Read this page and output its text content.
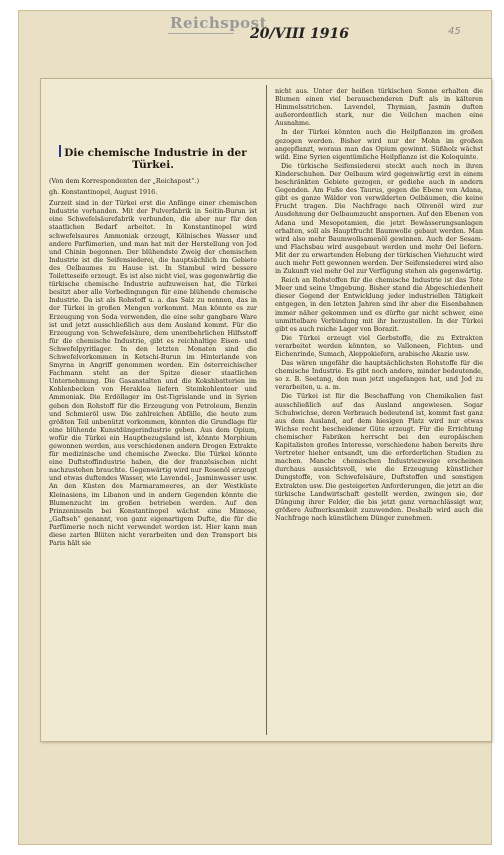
Reichspost
20/VIII 1916	45
Die chemische Industrie in der Türkei.
(Von dem Korrespondenten der „Reichspost“.)
gh. Konstantinopel, August 1916.

Zurzeit sind in der Türkei erst die Anfänge einer chemischen Industrie vorhanden. Mit der Pulverfabrik in Seitin-Burun ist eine Schwefelsäurefabrik verbunden, die aber nur für den staatlichen Bedarf arbeitet. In Konstantinopel wird schwefelsaures Ammoniak erzeugt, Kölnisches Wasser und andere Parfümerien, und man hat mit der Herstellung von Jod und Chinin begonnen. Der blühendste Zweig der chemischen Industrie ist die Seifensiederei, die hauptsächlich im Gebiete des Oelbaumes zu Hause ist. In Stambul wird bessere Toiletteseife erzeugt. Es ist also nicht viel, was gegenwärtig die türkische chemische Industrie aufzuweisen hat, die Türkei besitzt aber alle Vorbedingungen für eine blühende chemische Industrie. Da ist als Rohstoff u. a. das Salz zu nennen, das in der Türkei in großen Mengen vorkommt. Man könnte es zur Erzeugung von Soda verwenden, die eine sehr gangbare Ware ist und jetzt ausschließlich aus dem Ausland kommt. Für die Erzeugung von Schwefelsäure, dem unentbehrlichen Hilfsstoff für die chemische Industrie, gibt es reichhaltige Eisen- und Schwefelpyritlager. In den letzten Monaten sind die Schwefelvorkommen in Ketschi-Burun im Hinterlande von Smyrna in Angriff genommen worden. Ein österreichischer Fachmann steht an der Spitze dieser staatlichen Unternehmung. Die Gasanstalten und die Kokshbatterien im Kohlenbecken von Heraklea liefern Steinkohlenteer und Ammoniak. Die Erdöllager im Ost-Tigrislande und in Syrien geben den Rohstoff für die Erzeugung von Petroleum, Benzin und Schmieröl usw. Die zahlreichen Abfälle, die heute zum größten Teil unbenützt vorkommen, könnten die Grundlage für eine blühende Kunstdüngerindustrie geben. Aus dem Opium, wofür die Türkei ein Hauptbezugsland ist, könnte Morphium gewonnen werden, aus verschiedenen andern Drogen Extrakte für medizinische und chemische Zwecke. Die Türkei könnte eine Duftstoffindustrie haben, die der französischen nicht nachzustehen brauchte. Gegenwärtig wird nur Rosenöl erzeugt und etwas duftendes Wasser, wie Lavendel-, Jasminwasser usw. An den Küsten des Marmarameeres, an der Westküste Kleinasiens, im Libanon und in andern Gegenden könnte die Blumenzucht im großen betrieben werden. Auf den Prinzeninseln bei Konstantinopel wächst eine Mimose, „Gaftseh“ genannt, von ganz eigenartigem Dufte, die für die Parfümerie noch nicht verwendet worden ist. Hier kann man diese zarten Blüten nicht verarbeiten und den Transport bis Paris hält sie

nicht aus. Unter der heißen türkischen Sonne erhalten die Blumen einen viel berauschenderen Duft als in kälteren Himmelsstrichen. Lavendel, Thymian, Jasmin duften außerordentlich stark, nur die Veilchen machen eine Ausnahme.

In der Türkei könnten auch die Heilpflanzen im großen gezogen werden. Bisher wird nur der Mohn im großen angepflanzt, woraus man das Opium gewinnt. Süßholz wächst wild. Eine Syrien eigentümliche Heilpflanze ist die Koloquinte.

Die türkische Seifensiederei steckt auch noch in ihren Kinderschuhen. Der Oelbaum wird gegenwärtig erst in einem beschränkten Gebiete gezogen, er gediehe auch in andern Gegenden. Am Fuße des Taurus, gegen die Ebene von Adana, gibt es ganze Wälder von verwilderten Oelbäumen, die keine Frucht tragen. Die Nachfrage nach Olivenöl wird zur Ausdehnung der Oelbaumzucht anspornen. Auf den Ebenen von Adana und Mesopotamien, die jetzt Bewässerungsanlagen erhalten, soll als Hauptfrucht Baumwolle gebaut werden. Man wird also mehr Baumwollsamenöl gewinnen. Auch der Sesam- und Flachsbau wird ausgebaut werden und mehr Oel liefern. Mit der zu erwartenden Hebung der türkischen Viehzucht wird auch mehr Fett gewonnen werden. Der Seifensiederei wird also in Zukunft viel mehr Oel zur Verfügung stehen als gegenwärtig.

Reich an Rohstoffen für die chemische Industrie ist das Tote Meer und seine Umgebung. Bisher stand die Abgeschiedenheit dieser Gegend der Entwicklung jeder industriellen Tätigkeit entgegen, in den letzten Jahren sind ihr aber die Eisenbahnen immer näher gekommen und es dürfte gar nicht schwer, eine unmittelbare Verbindung mit ihr herzustellen. In der Türkei gibt es auch reiche Lager von Borazit.

Die Türkei erzeugt viel Gerbstoffe, die zu Extrakten verarbeitet werden könnten, so Valloneen, Fichten- und Eichenrinde, Sumach, Aleppokiefern, arabische Akazie usw.

Das wären ungefähr die hauptsächlichsten Rohstoffe für die chemische Industrie. Es gibt noch andere, minder bedeutende, so z. B. Seetang, den man jetzt ungefangen hat, und Jod zu verarbeiten, u. a. m.

Die Türkei ist für die Beschaffung von Chemikalien fast ausschließlich auf das Ausland angewiesen. Sogar Schuhwichse, deren Verbrauch bedeutend ist, kommt fast ganz aus dem Ausland, auf dem hiesigen Platz wird nur etwas Wichse recht bescheidener Güte erzeugt. Für die Errichtung chemischer Fabriken herrscht bei den europäischen Kapitalisten großes Interesse, verschiedene haben bereits ihre Vertreter hieher entsandt, um die erforderlichen Studien zu machen. Manche chemischen Industriezweige erscheinen durchaus aussichtsvoll, wie die Erzeugung künstlicher Dungstoffe, von Schwefelsäure, Duftstoffen und sonstigen Extrakten usw. Die gesteigerten Anforderungen, die jetzt an die türkische Landwirtschaft gestellt werden, zwingen sie, der Düngung ihrer Felder, die bis jetzt ganz vernachlässigt war, größere Aufmerksamkeit zuzuwenden. Deshalb wird auch die Nachfrage nach künstlichem Dünger zunehmen.
